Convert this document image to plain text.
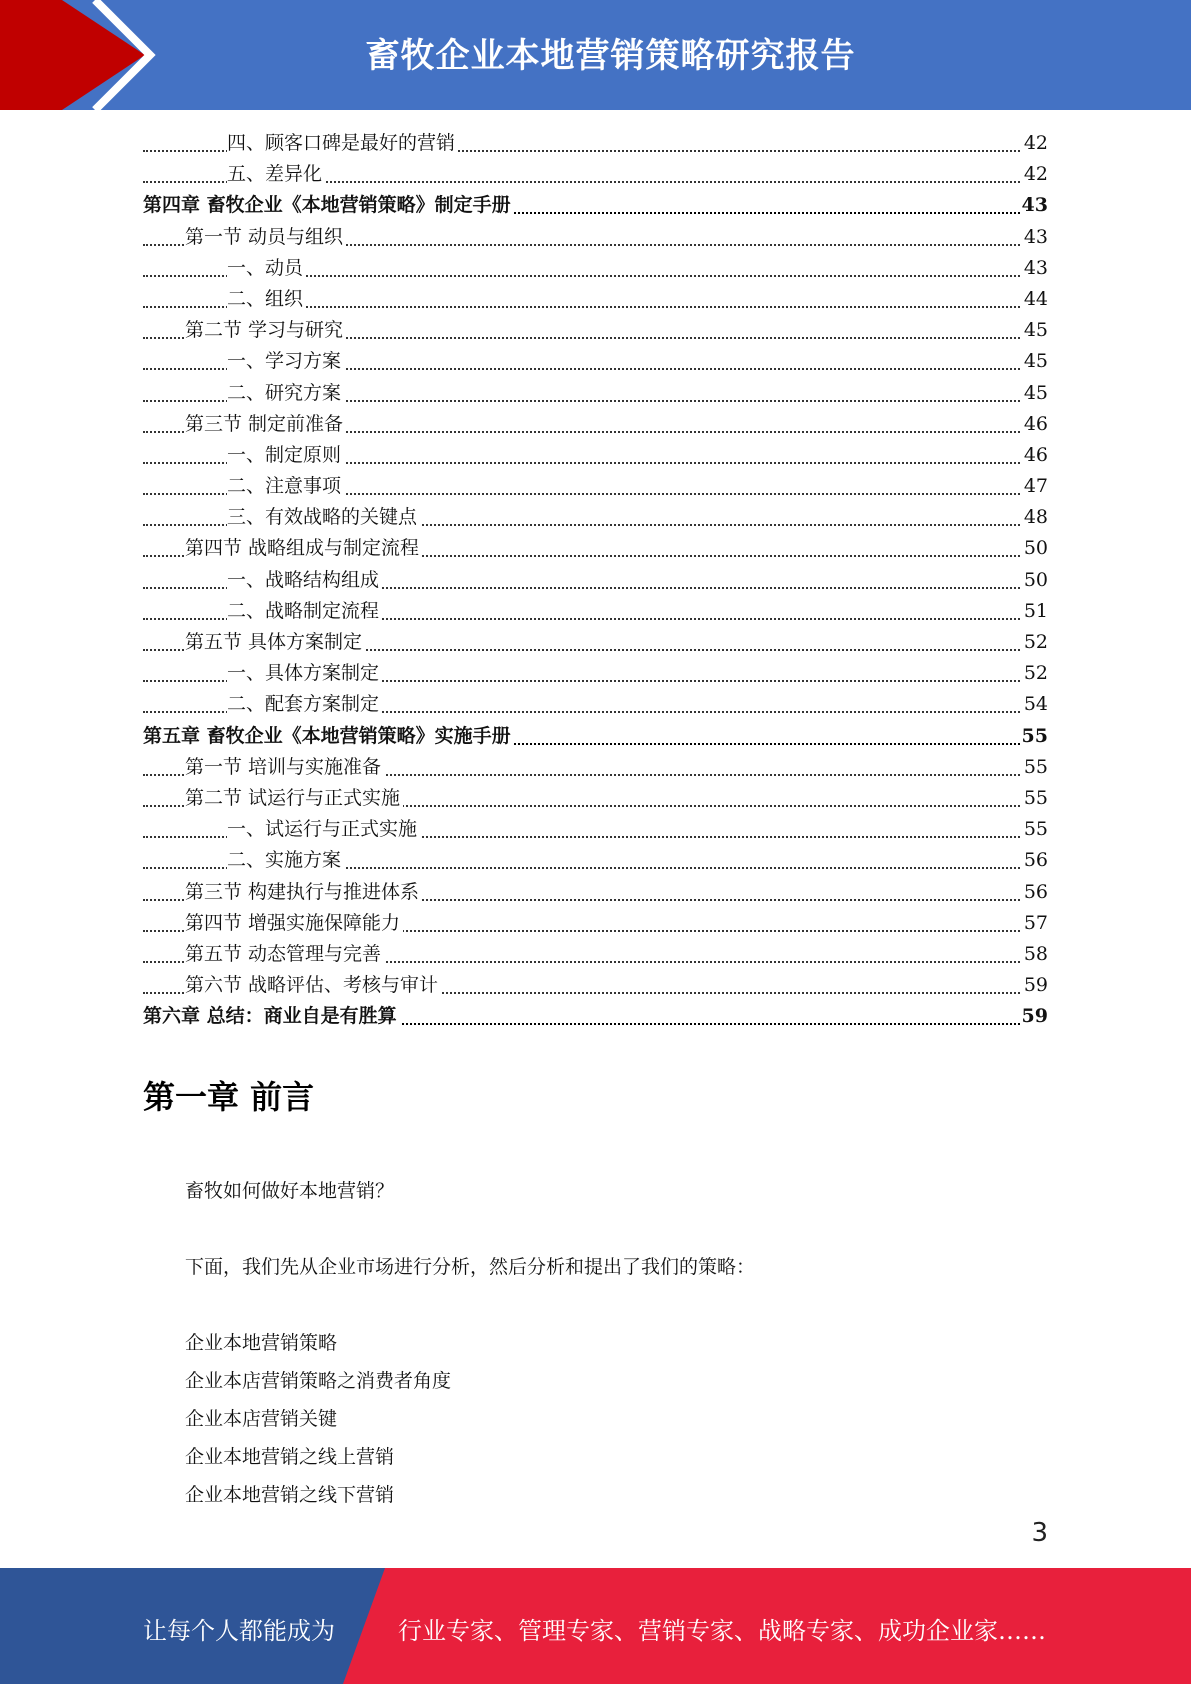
畜牧企业本地营销策略研究报告
四、顾客口碑是最好的营销	42
五、差异化	42
第四章 畜牧企业《本地营销策略》制定手册	43
第一节 动员与组织	43
一、动员	43
二、组织	44
第二节 学习与研究	45
一、学习方案	45
二、研究方案	45
第三节 制定前准备	46
一、制定原则	46
二、注意事项	47
三、有效战略的关键点	48
第四节 战略组成与制定流程	50
一、战略结构组成	50
二、战略制定流程	51
第五节 具体方案制定	52
一、具体方案制定	52
二、配套方案制定	54
第五章 畜牧企业《本地营销策略》实施手册	55
第一节 培训与实施准备	55
第二节 试运行与正式实施	55
一、试运行与正式实施	55
二、实施方案	56
第三节 构建执行与推进体系	56
第四节 增强实施保障能力	57
第五节 动态管理与完善	58
第六节 战略评估、考核与审计	59
第六章 总结：商业自是有胜算	59
第一章 前言
畜牧如何做好本地营销？
下面，我们先从企业市场进行分析，然后分析和提出了我们的策略：
企业本地营销策略
企业本店营销策略之消费者角度
企业本店营销关键
企业本地营销之线上营销
企业本地营销之线下营销
3
让每个人都能成为	行业专家、管理专家、营销专家、战略专家、成功企业家……
